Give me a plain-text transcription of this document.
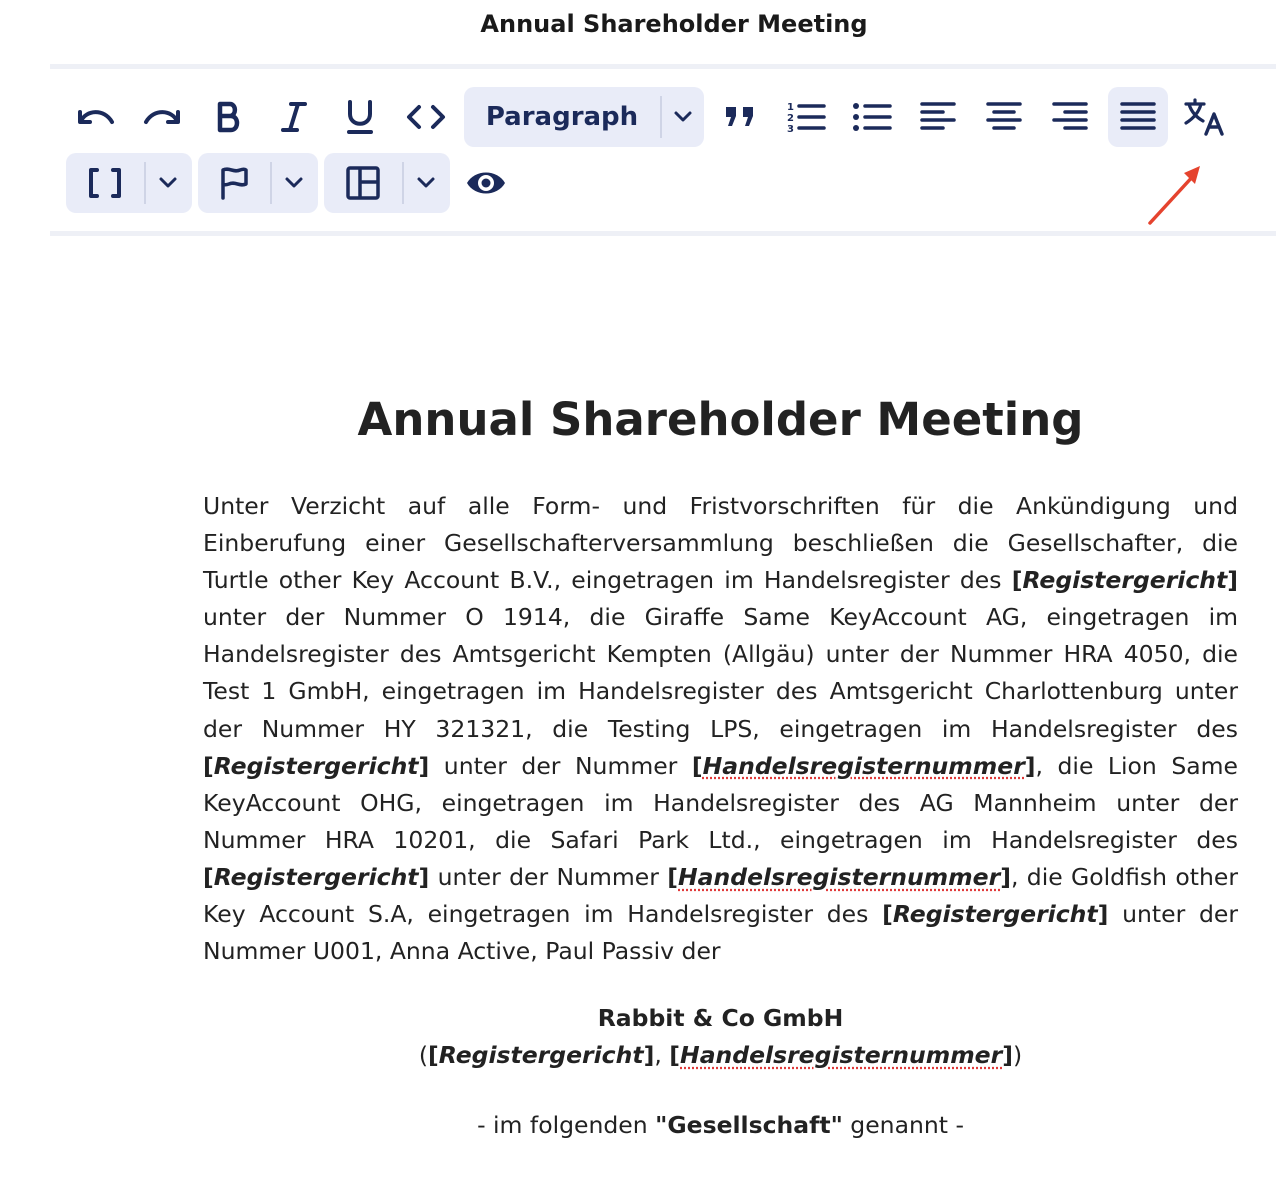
Annual Shareholder Meeting
Paragraph	1
2
3
Annual Shareholder Meeting
Unter Verzicht auf alle Form- und Fristvorschriften für die Ankündigung und Einberufung einer Gesellschafterversammlung beschließen die Gesellschafter, die Turtle other Key Account B.V., eingetragen im Handelsregister des [Registergericht] unter der Nummer O 1914, die Giraffe Same KeyAccount AG, eingetragen im Handelsregister des Amtsgericht Kempten (Allgäu) unter der Nummer HRA 4050, die Test 1 GmbH, eingetragen im Handelsregister des Amtsgericht Charlottenburg unter der Nummer HY 321321, die Testing LPS, eingetragen im Handelsregister des [Registergericht] unter der Nummer [Handelsregisternummer], die Lion Same KeyAccount OHG, eingetragen im Handelsregister des AG Mannheim unter der Nummer HRA 10201, die Safari Park Ltd., eingetragen im Handelsregister des [Registergericht] unter der Nummer [Handelsregisternummer], die Goldfish other Key Account S.A, eingetragen im Handelsregister des [Registergericht] unter der Nummer U001, Anna Active, Paul Passiv der
Rabbit & Co GmbH
([Registergericht], [Handelsregisternummer])
- im folgenden "Gesellschaft" genannt -
